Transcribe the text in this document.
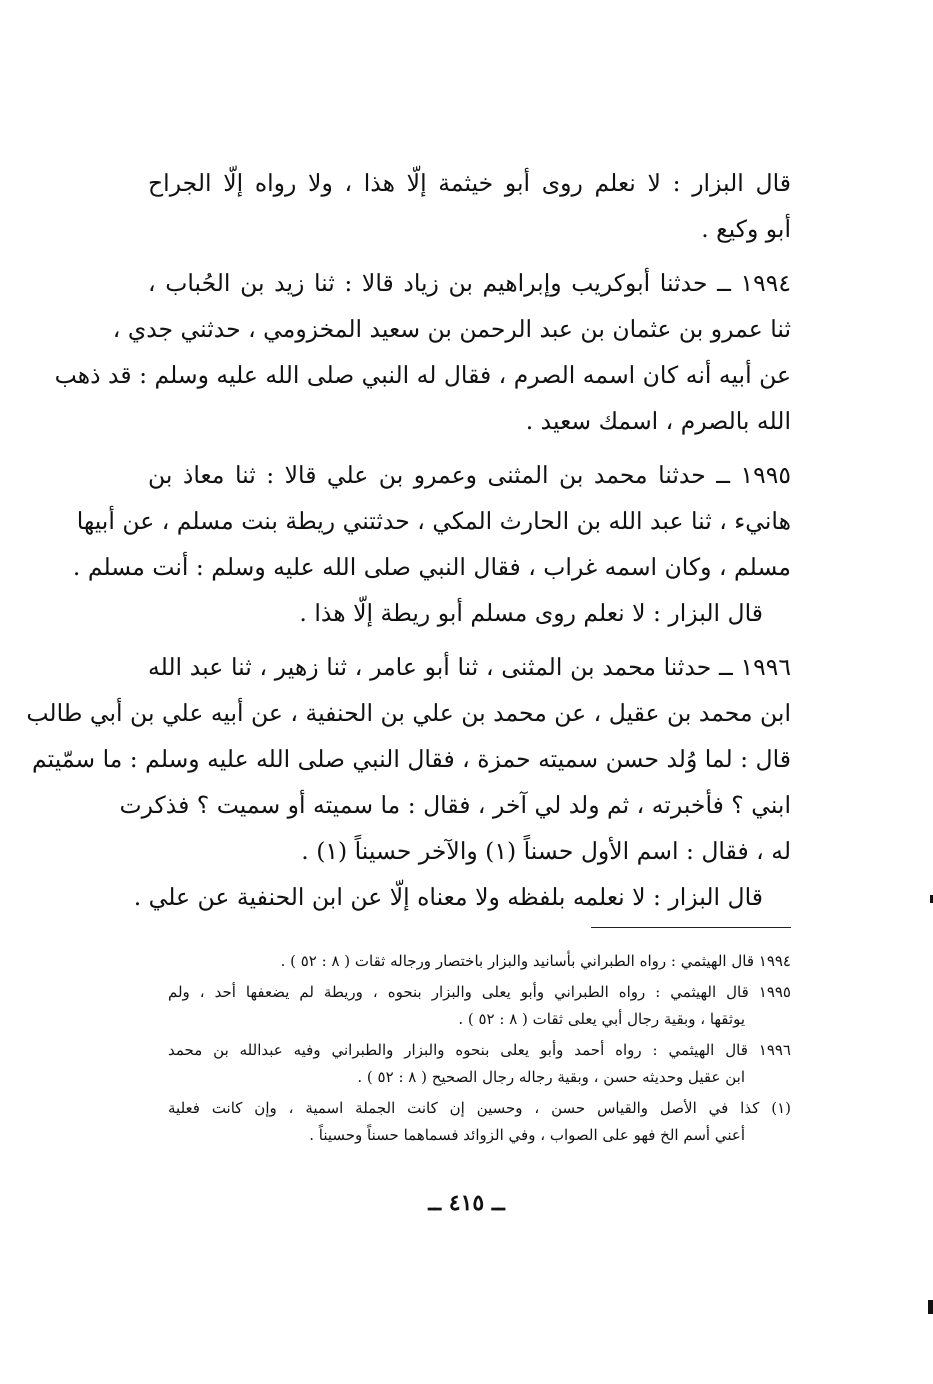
قال البزار : لا نعلم روى أبو خيثمة إلّا هذا ، ولا رواه إلّا الجراح
أبو وكيع .
١٩٩٤ ــ حدثنا أبوكريب وإبراهيم بن زياد قالا : ثنا زيد بن الحُباب ،
ثنا عمرو بن عثمان بن عبد الرحمن بن سعيد المخزومي ، حدثني جدي ،
عن أبيه أنه كان اسمه الصرم ، فقال له النبي صلى الله عليه وسلم : قد ذهب
الله بالصرم ، اسمك سعيد .
١٩٩٥ ــ حدثنا محمد بن المثنى وعمرو بن علي قالا : ثنا معاذ بن
هانيء ، ثنا عبد الله بن الحارث المكي ، حدثتني ريطة بنت مسلم ، عن أبيها
مسلم ، وكان اسمه غراب ، فقال النبي صلى الله عليه وسلم : أنت مسلم .
قال البزار : لا نعلم روى مسلم أبو ريطة إلّا هذا .
١٩٩٦ ــ حدثنا محمد بن المثنى ، ثنا أبو عامر ، ثنا زهير ، ثنا عبد الله
ابن محمد بن عقيل ، عن محمد بن علي بن الحنفية ، عن أبيه علي بن أبي طالب
قال : لما وُلد حسن سميته حمزة ، فقال النبي صلى الله عليه وسلم : ما سمّيتم
ابني ؟ فأخبرته ، ثم ولد لي آخر ، فقال : ما سميته أو سميت ؟ فذكرت
له ، فقال : اسم الأول حسناً (١) والآخر حسيناً (١) .
قال البزار : لا نعلمه بلفظه ولا معناه إلّا عن ابن الحنفية عن علي .
١٩٩٤ قال الهيثمي : رواه الطبراني بأسانيد والبزار باختصار ورجاله ثقات ( ٨ : ٥٢ ) .
١٩٩٥ قال الهيثمي : رواه الطبراني وأبو يعلى والبزار بنحوه ، وريطة لم يضعفها أحد ، ولم
يوثقها ، وبقية رجال أبي يعلى ثقات ( ٨ : ٥٢ ) .
١٩٩٦ قال الهيثمي : رواه أحمد وأبو يعلى بنحوه والبزار والطبراني وفيه عبدالله بن محمد
ابن عقيل وحديثه حسن ، وبقية رجاله رجال الصحيح ( ٨ : ٥٢ ) .
(١) كذا في الأصل والقياس حسن ، وحسين إن كانت الجملة اسمية ، وإن كانت فعلية
أعني أسم الخ فهو على الصواب ، وفي الزوائد فسماهما حسناً وحسيناً .
ــ ٤١٥ ــ
